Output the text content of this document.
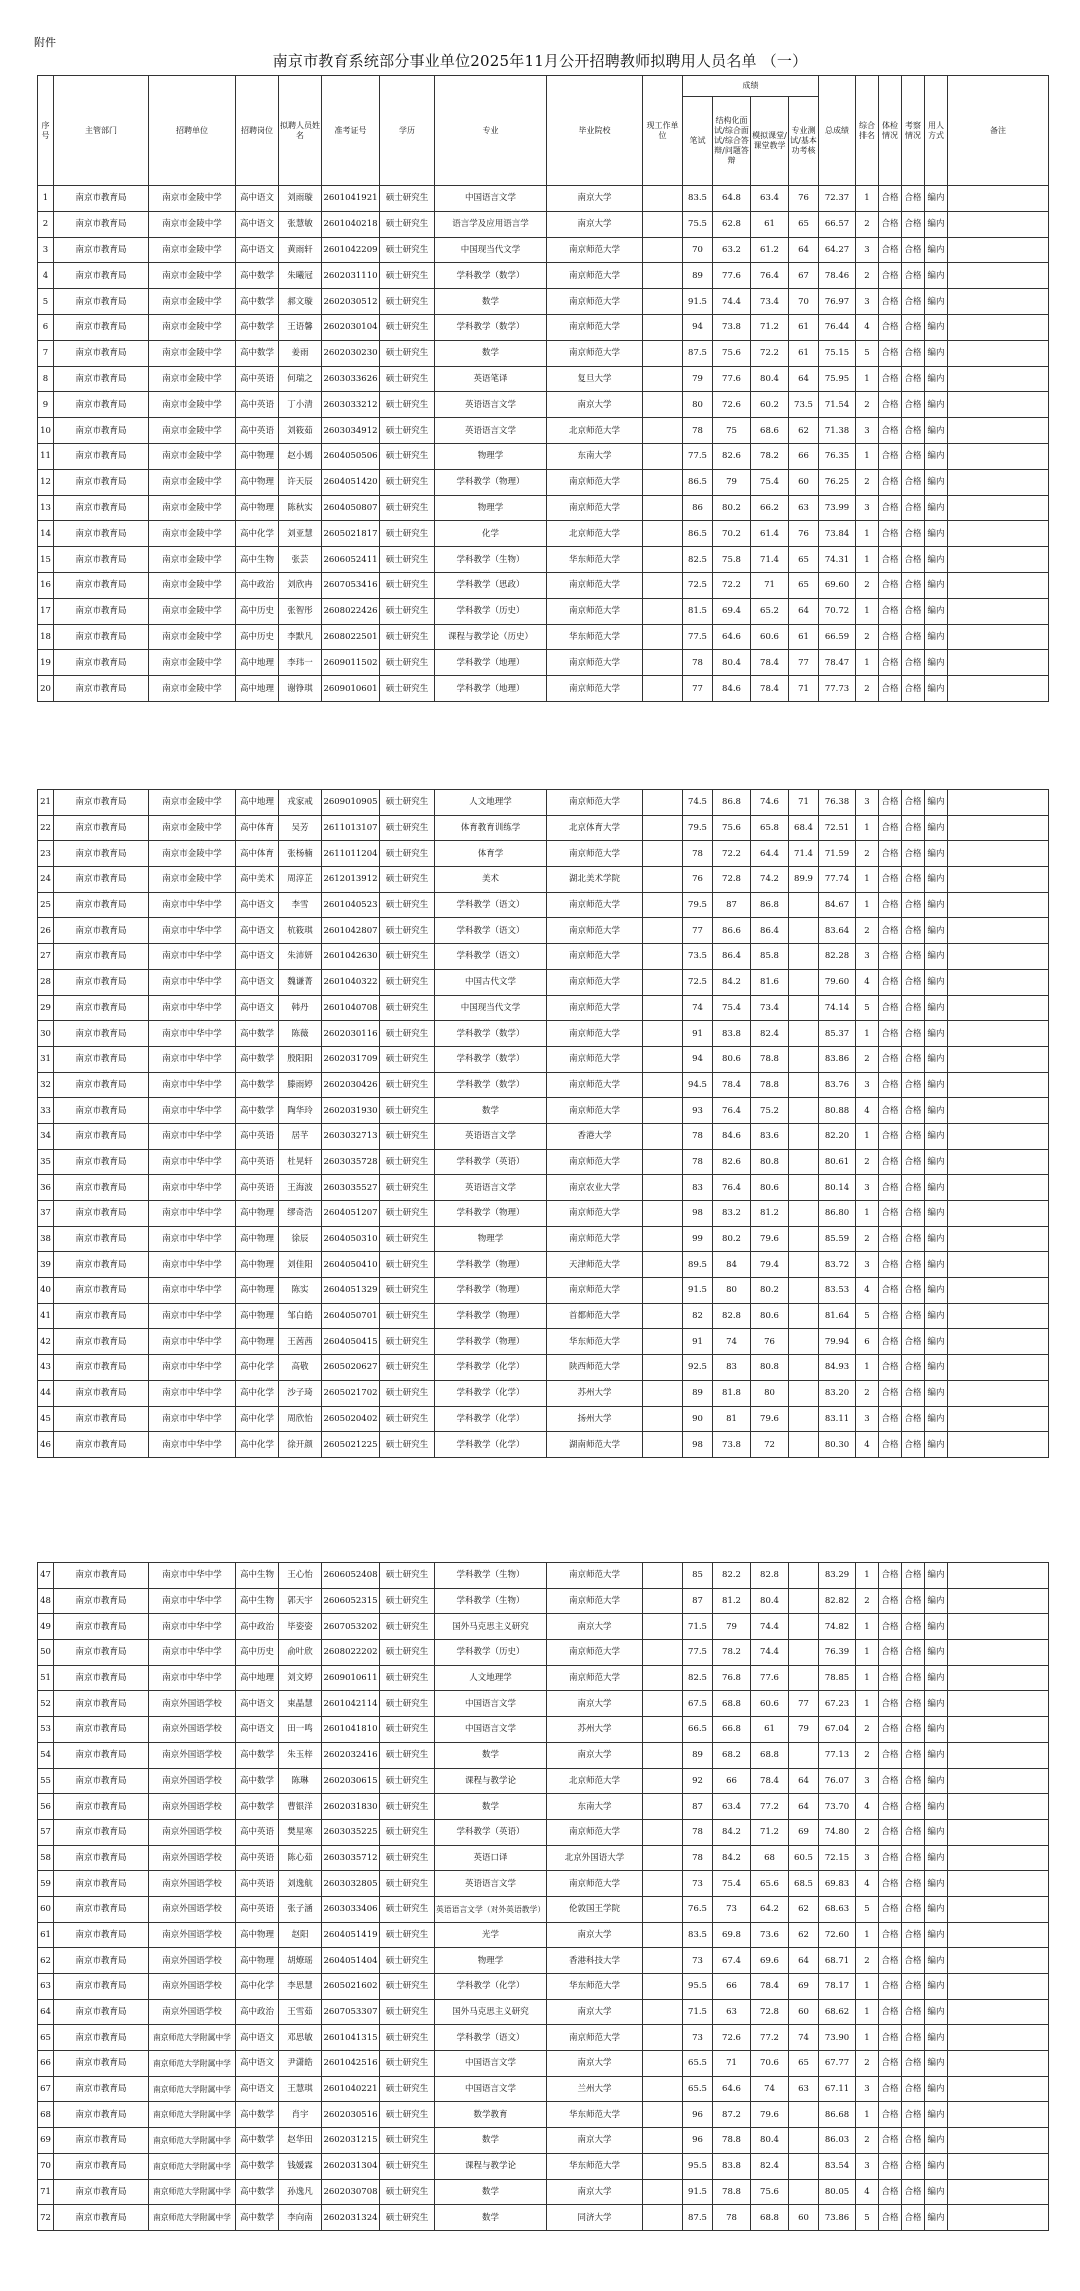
附件
南京市教育系统部分事业单位2025年11月公开招聘教师拟聘用人员名单 （一）
序号	主管部门	招聘单位	招聘岗位	拟聘人员姓名	准考证号	学历	专业	毕业院校	现工作单位	成绩				总成绩	综合排名	体检情况	考察情况	用人方式	备注
										笔试	结构化面试/综合面试/综合答辩/问题答辩	模拟课堂/课堂教学	专业测试/基本功考核						
1	南京市教育局	南京市金陵中学	高中语文	刘雨璇	2601041921	硕士研究生	中国语言文学	南京大学		83.5	64.8	63.4	76	72.37	1	合格	合格	编内	
2	南京市教育局	南京市金陵中学	高中语文	张慧敏	2601040218	硕士研究生	语言学及应用语言学	南京大学		75.5	62.8	61	65	66.57	2	合格	合格	编内	
3	南京市教育局	南京市金陵中学	高中语文	黄雨轩	2601042209	硕士研究生	中国现当代文学	南京师范大学		70	63.2	61.2	64	64.27	3	合格	合格	编内	
4	南京市教育局	南京市金陵中学	高中数学	朱曦冠	2602031110	硕士研究生	学科教学（数学）	南京师范大学		89	77.6	76.4	67	78.46	2	合格	合格	编内	
5	南京市教育局	南京市金陵中学	高中数学	郝文璇	2602030512	硕士研究生	数学	南京师范大学		91.5	74.4	73.4	70	76.97	3	合格	合格	编内	
6	南京市教育局	南京市金陵中学	高中数学	王语馨	2602030104	硕士研究生	学科教学（数学）	南京师范大学		94	73.8	71.2	61	76.44	4	合格	合格	编内	
7	南京市教育局	南京市金陵中学	高中数学	姜雨	2602030230	硕士研究生	数学	南京师范大学		87.5	75.6	72.2	61	75.15	5	合格	合格	编内	
8	南京市教育局	南京市金陵中学	高中英语	何瑞之	2603033626	硕士研究生	英语笔译	复旦大学		79	77.6	80.4	64	75.95	1	合格	合格	编内	
9	南京市教育局	南京市金陵中学	高中英语	丁小清	2603033212	硕士研究生	英语语言文学	南京大学		80	72.6	60.2	73.5	71.54	2	合格	合格	编内	
10	南京市教育局	南京市金陵中学	高中英语	刘筱茹	2603034912	硕士研究生	英语语言文学	北京师范大学		78	75	68.6	62	71.38	3	合格	合格	编内	
11	南京市教育局	南京市金陵中学	高中物理	赵小嫣	2604050506	硕士研究生	物理学	东南大学		77.5	82.6	78.2	66	76.35	1	合格	合格	编内	
12	南京市教育局	南京市金陵中学	高中物理	许天辰	2604051420	硕士研究生	学科教学（物理）	南京师范大学		86.5	79	75.4	60	76.25	2	合格	合格	编内	
13	南京市教育局	南京市金陵中学	高中物理	陈秋实	2604050807	硕士研究生	物理学	南京师范大学		86	80.2	66.2	63	73.99	3	合格	合格	编内	
14	南京市教育局	南京市金陵中学	高中化学	刘亚慧	2605021817	硕士研究生	化学	北京师范大学		86.5	70.2	61.4	76	73.84	1	合格	合格	编内	
15	南京市教育局	南京市金陵中学	高中生物	张芸	2606052411	硕士研究生	学科教学（生物）	华东师范大学		82.5	75.8	71.4	65	74.31	1	合格	合格	编内	
16	南京市教育局	南京市金陵中学	高中政治	刘欣冉	2607053416	硕士研究生	学科教学（思政）	南京师范大学		72.5	72.2	71	65	69.60	2	合格	合格	编内	
17	南京市教育局	南京市金陵中学	高中历史	张智彤	2608022426	硕士研究生	学科教学（历史）	南京师范大学		81.5	69.4	65.2	64	70.72	1	合格	合格	编内	
18	南京市教育局	南京市金陵中学	高中历史	李默凡	2608022501	硕士研究生	课程与教学论（历史）	华东师范大学		77.5	64.6	60.6	61	66.59	2	合格	合格	编内	
19	南京市教育局	南京市金陵中学	高中地理	李玮一	2609011502	硕士研究生	学科教学（地理）	南京师范大学		78	80.4	78.4	77	78.47	1	合格	合格	编内	
20	南京市教育局	南京市金陵中学	高中地理	谢铮琪	2609010601	硕士研究生	学科教学（地理）	南京师范大学		77	84.6	78.4	71	77.73	2	合格	合格	编内	
21	南京市教育局	南京市金陵中学	高中地理	戎家戒	2609010905	硕士研究生	人文地理学	南京师范大学		74.5	86.8	74.6	71	76.38	3	合格	合格	编内	
22	南京市教育局	南京市金陵中学	高中体育	吴芳	2611013107	硕士研究生	体育教育训练学	北京体育大学		79.5	75.6	65.8	68.4	72.51	1	合格	合格	编内	
23	南京市教育局	南京市金陵中学	高中体育	张杨楠	2611011204	硕士研究生	体育学	南京师范大学		78	72.2	64.4	71.4	71.59	2	合格	合格	编内	
24	南京市教育局	南京市金陵中学	高中美术	周淳芷	2612013912	硕士研究生	美术	湖北美术学院		76	72.8	74.2	89.9	77.74	1	合格	合格	编内	
25	南京市教育局	南京市中华中学	高中语文	李雪	2601040523	硕士研究生	学科教学（语文）	南京师范大学		79.5	87	86.8		84.67	1	合格	合格	编内	
26	南京市教育局	南京市中华中学	高中语文	杭筱琪	2601042807	硕士研究生	学科教学（语文）	南京师范大学		77	86.6	86.4		83.64	2	合格	合格	编内	
27	南京市教育局	南京市中华中学	高中语文	朱沛妍	2601042630	硕士研究生	学科教学（语文）	南京师范大学		73.5	86.4	85.8		82.28	3	合格	合格	编内	
28	南京市教育局	南京市中华中学	高中语文	魏谦菁	2601040322	硕士研究生	中国古代文学	南京师范大学		72.5	84.2	81.6		79.60	4	合格	合格	编内	
29	南京市教育局	南京市中华中学	高中语文	韩丹	2601040708	硕士研究生	中国现当代文学	南京师范大学		74	75.4	73.4		74.14	5	合格	合格	编内	
30	南京市教育局	南京市中华中学	高中数学	陈薇	2602030116	硕士研究生	学科教学（数学）	南京师范大学		91	83.8	82.4		85.37	1	合格	合格	编内	
31	南京市教育局	南京市中华中学	高中数学	殷阳阳	2602031709	硕士研究生	学科教学（数学）	南京师范大学		94	80.6	78.8		83.86	2	合格	合格	编内	
32	南京市教育局	南京市中华中学	高中数学	滕雨婷	2602030426	硕士研究生	学科教学（数学）	南京师范大学		94.5	78.4	78.8		83.76	3	合格	合格	编内	
33	南京市教育局	南京市中华中学	高中数学	陶华玲	2602031930	硕士研究生	数学	南京师范大学		93	76.4	75.2		80.88	4	合格	合格	编内	
34	南京市教育局	南京市中华中学	高中英语	居芊	2603032713	硕士研究生	英语语言文学	香港大学		78	84.6	83.6		82.20	1	合格	合格	编内	
35	南京市教育局	南京市中华中学	高中英语	杜晃轩	2603035728	硕士研究生	学科教学（英语）	南京师范大学		78	82.6	80.8		80.61	2	合格	合格	编内	
36	南京市教育局	南京市中华中学	高中英语	王海波	2603035527	硕士研究生	英语语言文学	南京农业大学		83	76.4	80.6		80.14	3	合格	合格	编内	
37	南京市教育局	南京市中华中学	高中物理	缪奇浩	2604051207	硕士研究生	学科教学（物理）	南京师范大学		98	83.2	81.2		86.80	1	合格	合格	编内	
38	南京市教育局	南京市中华中学	高中物理	徐辰	2604050310	硕士研究生	物理学	南京师范大学		99	80.2	79.6		85.59	2	合格	合格	编内	
39	南京市教育局	南京市中华中学	高中物理	刘佳阳	2604050410	硕士研究生	学科教学（物理）	天津师范大学		89.5	84	79.4		83.72	3	合格	合格	编内	
40	南京市教育局	南京市中华中学	高中物理	陈实	2604051329	硕士研究生	学科教学（物理）	南京师范大学		91.5	80	80.2		83.53	4	合格	合格	编内	
41	南京市教育局	南京市中华中学	高中物理	邹白皓	2604050701	硕士研究生	学科教学（物理）	首都师范大学		82	82.8	80.6		81.64	5	合格	合格	编内	
42	南京市教育局	南京市中华中学	高中物理	王茜茜	2604050415	硕士研究生	学科教学（物理）	华东师范大学		91	74	76		79.94	6	合格	合格	编内	
43	南京市教育局	南京市中华中学	高中化学	高敬	2605020627	硕士研究生	学科教学（化学）	陕西师范大学		92.5	83	80.8		84.93	1	合格	合格	编内	
44	南京市教育局	南京市中华中学	高中化学	沙子琦	2605021702	硕士研究生	学科教学（化学）	苏州大学		89	81.8	80		83.20	2	合格	合格	编内	
45	南京市教育局	南京市中华中学	高中化学	周欣怡	2605020402	硕士研究生	学科教学（化学）	扬州大学		90	81	79.6		83.11	3	合格	合格	编内	
46	南京市教育局	南京市中华中学	高中化学	徐开颜	2605021225	硕士研究生	学科教学（化学）	湖南师范大学		98	73.8	72		80.30	4	合格	合格	编内	
47	南京市教育局	南京市中华中学	高中生物	王心怡	2606052408	硕士研究生	学科教学（生物）	南京师范大学		85	82.2	82.8		83.29	1	合格	合格	编内	
48	南京市教育局	南京市中华中学	高中生物	郭天宇	2606052315	硕士研究生	学科教学（生物）	南京师范大学		87	81.2	80.4		82.82	2	合格	合格	编内	
49	南京市教育局	南京市中华中学	高中政治	毕姿姿	2607053202	硕士研究生	国外马克思主义研究	南京大学		71.5	79	74.4		74.82	1	合格	合格	编内	
50	南京市教育局	南京市中华中学	高中历史	俞叶欣	2608022202	硕士研究生	学科教学（历史）	南京师范大学		77.5	78.2	74.4		76.39	1	合格	合格	编内	
51	南京市教育局	南京市中华中学	高中地理	刘文婷	2609010611	硕士研究生	人文地理学	南京师范大学		82.5	76.8	77.6		78.85	1	合格	合格	编内	
52	南京市教育局	南京外国语学校	高中语文	束晶慧	2601042114	硕士研究生	中国语言文学	南京大学		67.5	68.8	60.6	77	67.23	1	合格	合格	编内	
53	南京市教育局	南京外国语学校	高中语文	田一鸣	2601041810	硕士研究生	中国语言文学	苏州大学		66.5	66.8	61	79	67.04	2	合格	合格	编内	
54	南京市教育局	南京外国语学校	高中数学	朱玉梓	2602032416	硕士研究生	数学	南京大学		89	68.2	68.8		77.13	2	合格	合格	编内	
55	南京市教育局	南京外国语学校	高中数学	陈琳	2602030615	硕士研究生	课程与教学论	北京师范大学		92	66	78.4	64	76.07	3	合格	合格	编内	
56	南京市教育局	南京外国语学校	高中数学	曹银洋	2602031830	硕士研究生	数学	东南大学		87	63.4	77.2	64	73.70	4	合格	合格	编内	
57	南京市教育局	南京外国语学校	高中英语	樊星寒	2603035225	硕士研究生	学科教学（英语）	南京师范大学		78	84.2	71.2	69	74.80	2	合格	合格	编内	
58	南京市教育局	南京外国语学校	高中英语	陈心茹	2603035712	硕士研究生	英语口译	北京外国语大学		78	84.2	68	60.5	72.15	3	合格	合格	编内	
59	南京市教育局	南京外国语学校	高中英语	刘逸航	2603032805	硕士研究生	英语语言文学	南京师范大学		73	75.4	65.6	68.5	69.83	4	合格	合格	编内	
60	南京市教育局	南京外国语学校	高中英语	张子涵	2603033406	硕士研究生	英语语言文学（对外英语教学）	伦敦国王学院		76.5	73	64.2	62	68.63	5	合格	合格	编内	
61	南京市教育局	南京外国语学校	高中物理	赵阳	2604051419	硕士研究生	光学	南京大学		83.5	69.8	73.6	62	72.60	1	合格	合格	编内	
62	南京市教育局	南京外国语学校	高中物理	胡燎瑶	2604051404	硕士研究生	物理学	香港科技大学		73	67.4	69.6	64	68.71	2	合格	合格	编内	
63	南京市教育局	南京外国语学校	高中化学	李思慧	2605021602	硕士研究生	学科教学（化学）	华东师范大学		95.5	66	78.4	69	78.17	1	合格	合格	编内	
64	南京市教育局	南京外国语学校	高中政治	王雪茹	2607053307	硕士研究生	国外马克思主义研究	南京大学		71.5	63	72.8	60	68.62	1	合格	合格	编内	
65	南京市教育局	南京师范大学附属中学	高中语文	邓思敏	2601041315	硕士研究生	学科教学（语文）	南京师范大学		73	72.6	77.2	74	73.90	1	合格	合格	编内	
66	南京市教育局	南京师范大学附属中学	高中语文	尹潇皓	2601042516	硕士研究生	中国语言文学	南京大学		65.5	71	70.6	65	67.77	2	合格	合格	编内	
67	南京市教育局	南京师范大学附属中学	高中语文	王慧琪	2601040221	硕士研究生	中国语言文学	兰州大学		65.5	64.6	74	63	67.11	3	合格	合格	编内	
68	南京市教育局	南京师范大学附属中学	高中数学	肖宇	2602030516	硕士研究生	数学教育	华东师范大学		96	87.2	79.6		86.68	1	合格	合格	编内	
69	南京市教育局	南京师范大学附属中学	高中数学	赵华田	2602031215	硕士研究生	数学	南京大学		96	78.8	80.4		86.03	2	合格	合格	编内	
70	南京市教育局	南京师范大学附属中学	高中数学	钱媛霖	2602031304	硕士研究生	课程与教学论	华东师范大学		95.5	83.8	82.4		83.54	3	合格	合格	编内	
71	南京市教育局	南京师范大学附属中学	高中数学	孙逸凡	2602030708	硕士研究生	数学	南京大学		91.5	78.8	75.6		80.05	4	合格	合格	编内	
72	南京市教育局	南京师范大学附属中学	高中数学	李向南	2602031324	硕士研究生	数学	同济大学		87.5	78	68.8	60	73.86	5	合格	合格	编内	
